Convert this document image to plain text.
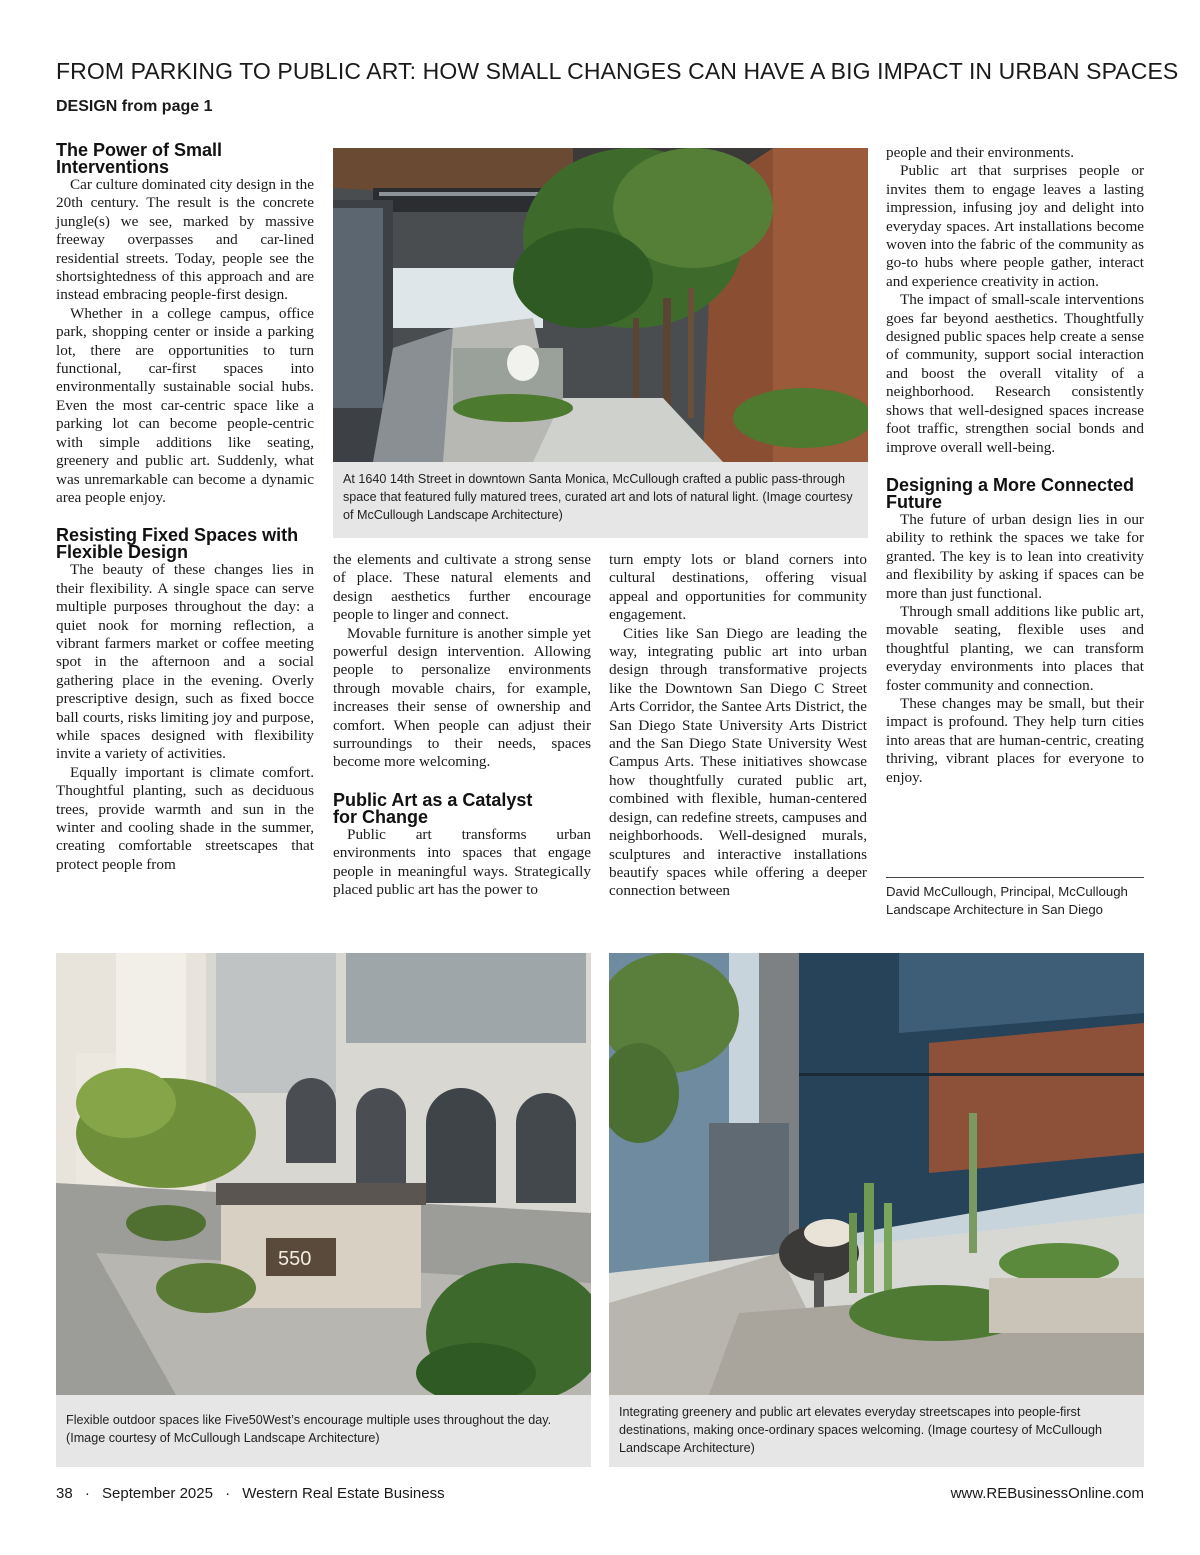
FROM PARKING TO PUBLIC ART: HOW SMALL CHANGES CAN HAVE A BIG IMPACT IN URBAN SPACES
DESIGN from page 1
The Power of Small Interventions

Car culture dominated city design in the 20th century. The result is the concrete jungle(s) we see, marked by massive freeway overpasses and car-lined residential streets. Today, people see the shortsightedness of this approach and are instead embracing people-first design.

Whether in a college campus, office park, shopping center or inside a parking lot, there are opportunities to turn functional, car-first spaces into environmentally sustainable social hubs. Even the most car-centric space like a parking lot can become people-centric with simple additions like seating, greenery and public art. Suddenly, what was unremarkable can become a dynamic area people enjoy.

Resisting Fixed Spaces with Flexible Design

The beauty of these changes lies in their flexibility. A single space can serve multiple purposes throughout the day: a quiet nook for morning reflection, a vibrant farmers market or coffee meeting spot in the afternoon and a social gathering place in the evening. Overly prescriptive design, such as fixed bocce ball courts, risks limiting joy and purpose, while spaces designed with flexibility invite a variety of activities.

Equally important is climate comfort. Thoughtful planting, such as deciduous trees, provide warmth and sun in the winter and cooling shade in the summer, creating comfortable streetscapes that protect people from

the elements and cultivate a strong sense of place. These natural elements and design aesthetics further encourage people to linger and connect.

Movable furniture is another simple yet powerful design intervention. Allowing people to personalize environments through movable chairs, for example, increases their sense of ownership and comfort. When people can adjust their surroundings to their needs, spaces become more welcoming.

Public Art as a Catalyst for Change

Public art transforms urban environments into spaces that engage people in meaningful ways. Strategically placed public art has the power to

turn empty lots or bland corners into cultural destinations, offering visual appeal and opportunities for community engagement.

Cities like San Diego are leading the way, integrating public art into urban design through transformative projects like the Downtown San Diego C Street Arts Corridor, the Santee Arts District, the San Diego State University Arts District and the San Diego State University West Campus Arts. These initiatives showcase how thoughtfully curated public art, combined with flexible, human-centered design, can redefine streets, campuses and neighborhoods. Well-designed murals, sculptures and interactive installations beautify spaces while offering a deeper connection between

people and their environments.

Public art that surprises people or invites them to engage leaves a lasting impression, infusing joy and delight into everyday spaces. Art installations become woven into the fabric of the community as go-to hubs where people gather, interact and experience creativity in action.

The impact of small-scale interventions goes far beyond aesthetics. Thoughtfully designed public spaces help create a sense of community, support social interaction and boost the overall vitality of a neighborhood. Research consistently shows that well-designed spaces increase foot traffic, strengthen social bonds and improve overall well-being.

Designing a More Connected Future

The future of urban design lies in our ability to rethink the spaces we take for granted. The key is to lean into creativity and flexibility by asking if spaces can be more than just functional.

Through small additions like public art, movable seating, flexible uses and thoughtful planting, we can transform everyday environments into places that foster community and connection.

These changes may be small, but their impact is profound. They help turn cities into areas that are human-centric, creating thriving, vibrant places for everyone to enjoy.

David McCullough, Principal, McCullough
Landscape Architecture in San Diego
At 1640 14th Street in downtown Santa Monica, McCullough crafted a public pass-through space that featured fully matured trees, curated art and lots of natural light. (Image courtesy of McCullough Landscape Architecture)
550
Flexible outdoor spaces like Five50West’s encourage multiple uses throughout the day. (Image courtesy of McCullough Landscape Architecture)
Integrating greenery and public art elevates everyday streetscapes into people-first destinations, making once-ordinary spaces welcoming. (Image courtesy of McCullough Landscape Architecture)
38 · September 2025 · Western Real Estate Business	www.REBusinessOnline.com
